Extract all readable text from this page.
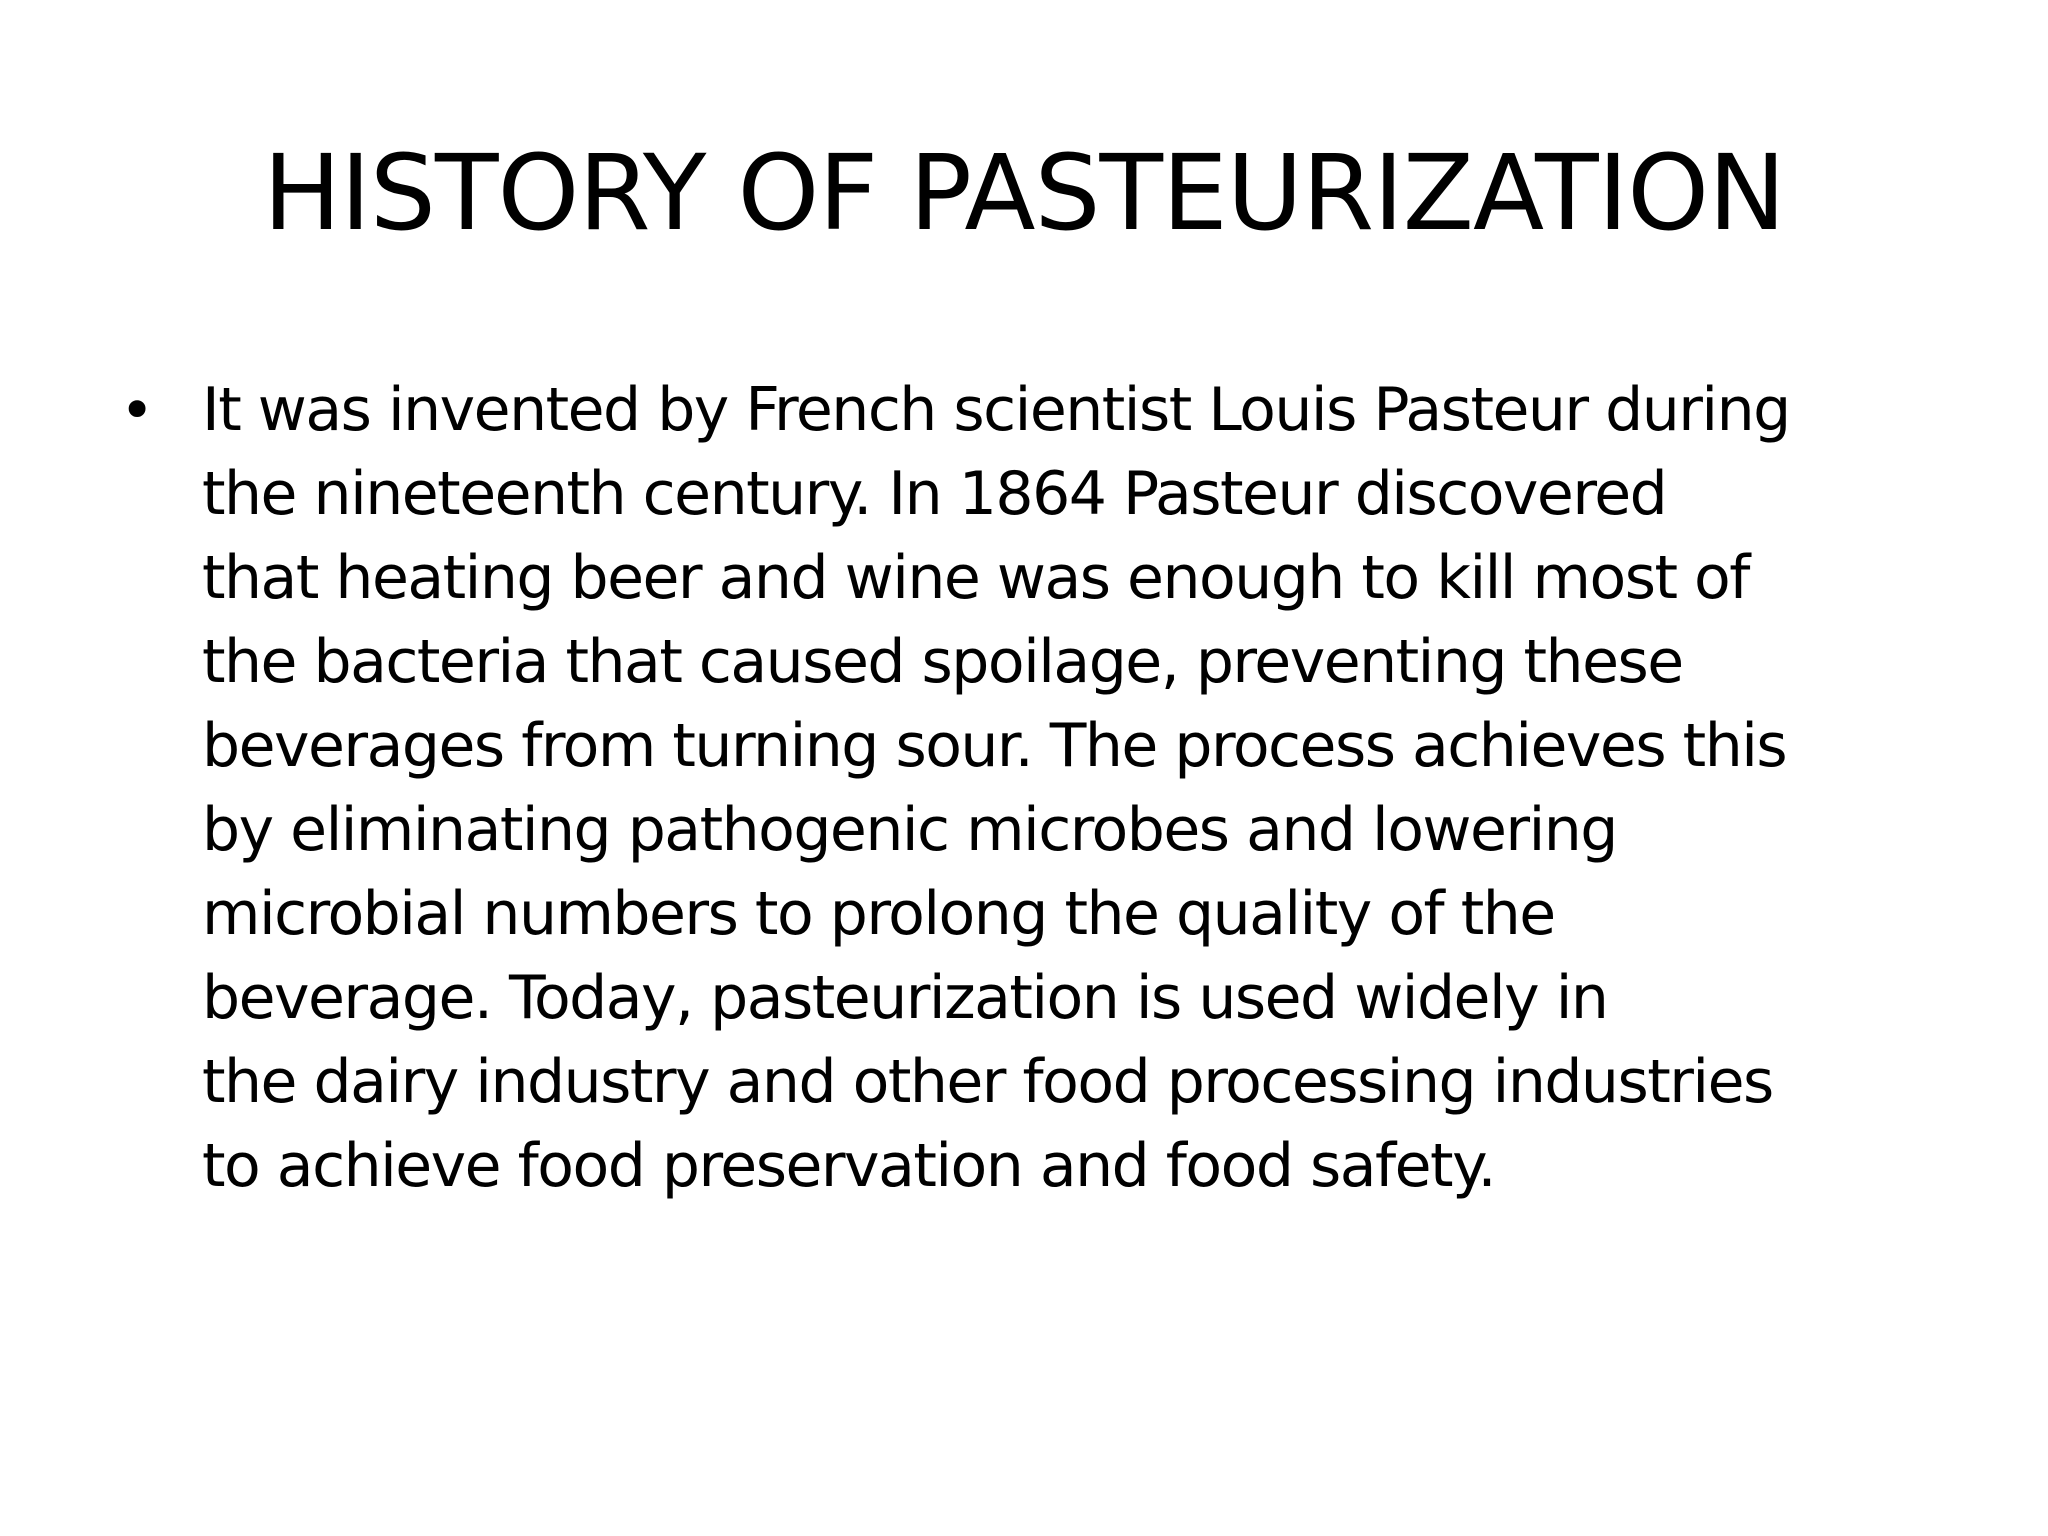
HISTORY OF PASTEURIZATION
• It was invented by French scientist Louis Pasteur during
the nineteenth century. In 1864 Pasteur discovered
that heating beer and wine was enough to kill most of
the bacteria that caused spoilage, preventing these
beverages from turning sour. The process achieves this
by eliminating pathogenic microbes and lowering
microbial numbers to prolong the quality of the
beverage. Today, pasteurization is used widely in
the dairy industry and other food processing industries
to achieve food preservation and food safety.
